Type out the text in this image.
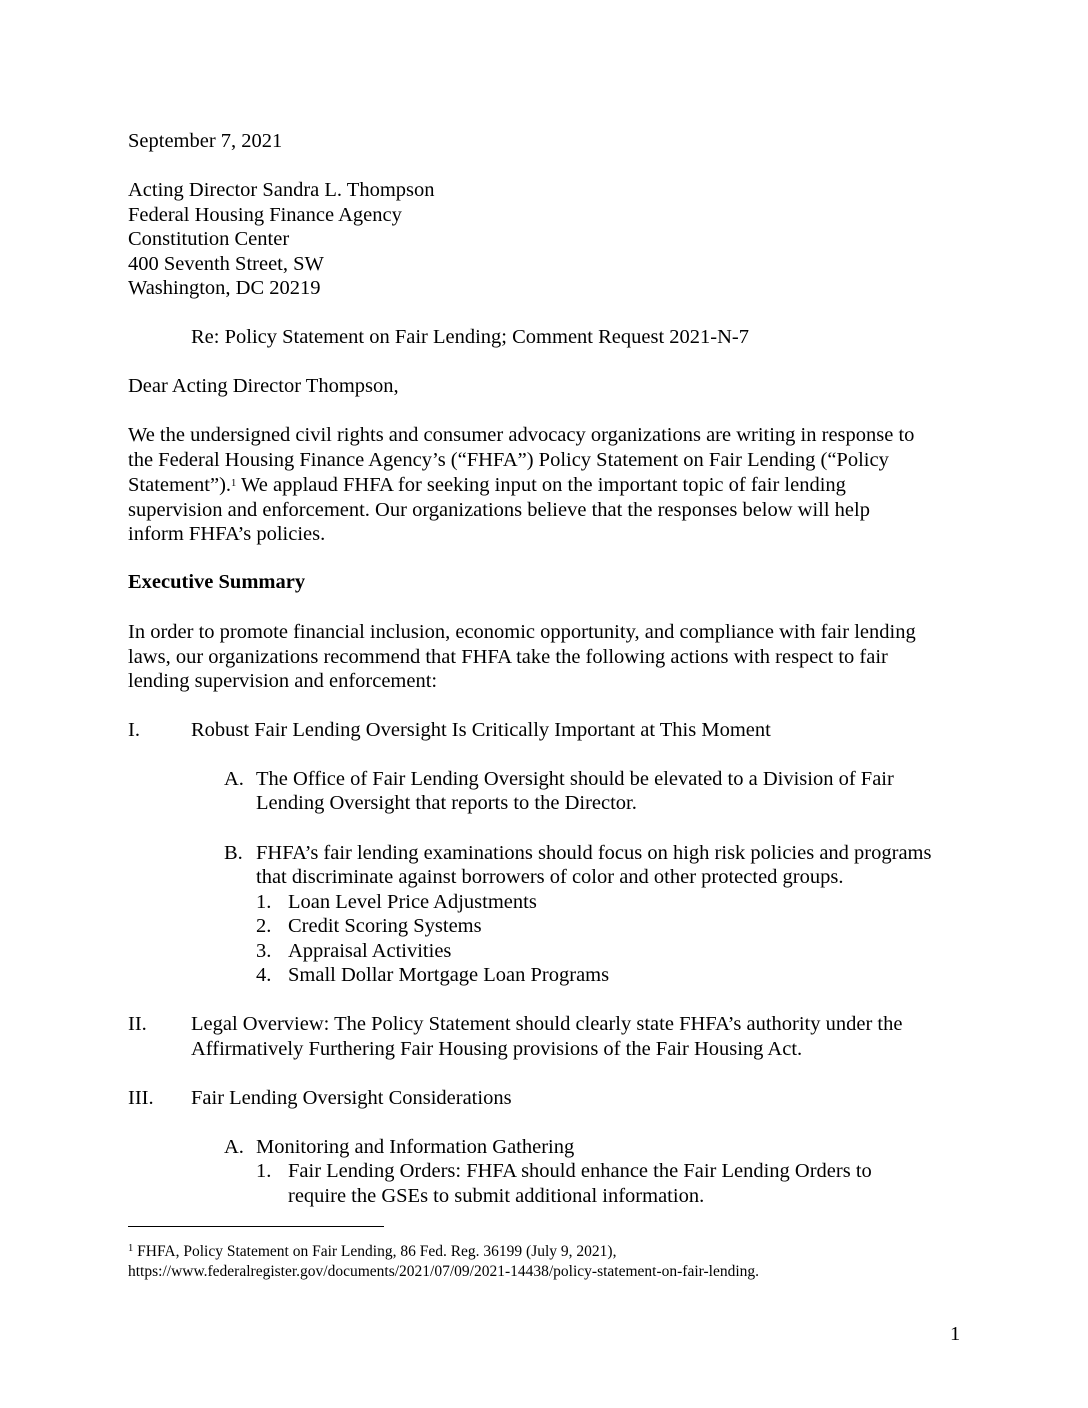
September 7, 2021
Acting Director Sandra L. Thompson
Federal Housing Finance Agency
Constitution Center
400 Seventh Street, SW
Washington, DC 20219
Re: Policy Statement on Fair Lending; Comment Request 2021-N-7
Dear Acting Director Thompson,
We the undersigned civil rights and consumer advocacy organizations are writing in response to
the Federal Housing Finance Agency’s (“FHFA”) Policy Statement on Fair Lending (“Policy
Statement”).$^1$ We applaud FHFA for seeking input on the important topic of fair lending
supervision and enforcement. Our organizations believe that the responses below will help
inform FHFA’s policies.
Executive Summary
In order to promote financial inclusion, economic opportunity, and compliance with fair lending
laws, our organizations recommend that FHFA take the following actions with respect to fair
lending supervision and enforcement:
I. Robust Fair Lending Oversight Is Critically Important at This Moment
A. The Office of Fair Lending Oversight should be elevated to a Division of Fair
Lending Oversight that reports to the Director.
B. FHFA’s fair lending examinations should focus on high risk policies and programs
that discriminate against borrowers of color and other protected groups.
1. Loan Level Price Adjustments
2. Credit Scoring Systems
3. Appraisal Activities
4. Small Dollar Mortgage Loan Programs
II. Legal Overview: The Policy Statement should clearly state FHFA’s authority under the
Affirmatively Furthering Fair Housing provisions of the Fair Housing Act.
III. Fair Lending Oversight Considerations
A. Monitoring and Information Gathering
1. Fair Lending Orders: FHFA should enhance the Fair Lending Orders to
require the GSEs to submit additional information.
$^1$ FHFA, Policy Statement on Fair Lending, 86 Fed. Reg. 36199 (July 9, 2021),
https://www.federalregister.gov/documents/2021/07/09/2021-14438/policy-statement-on-fair-lending.
1
